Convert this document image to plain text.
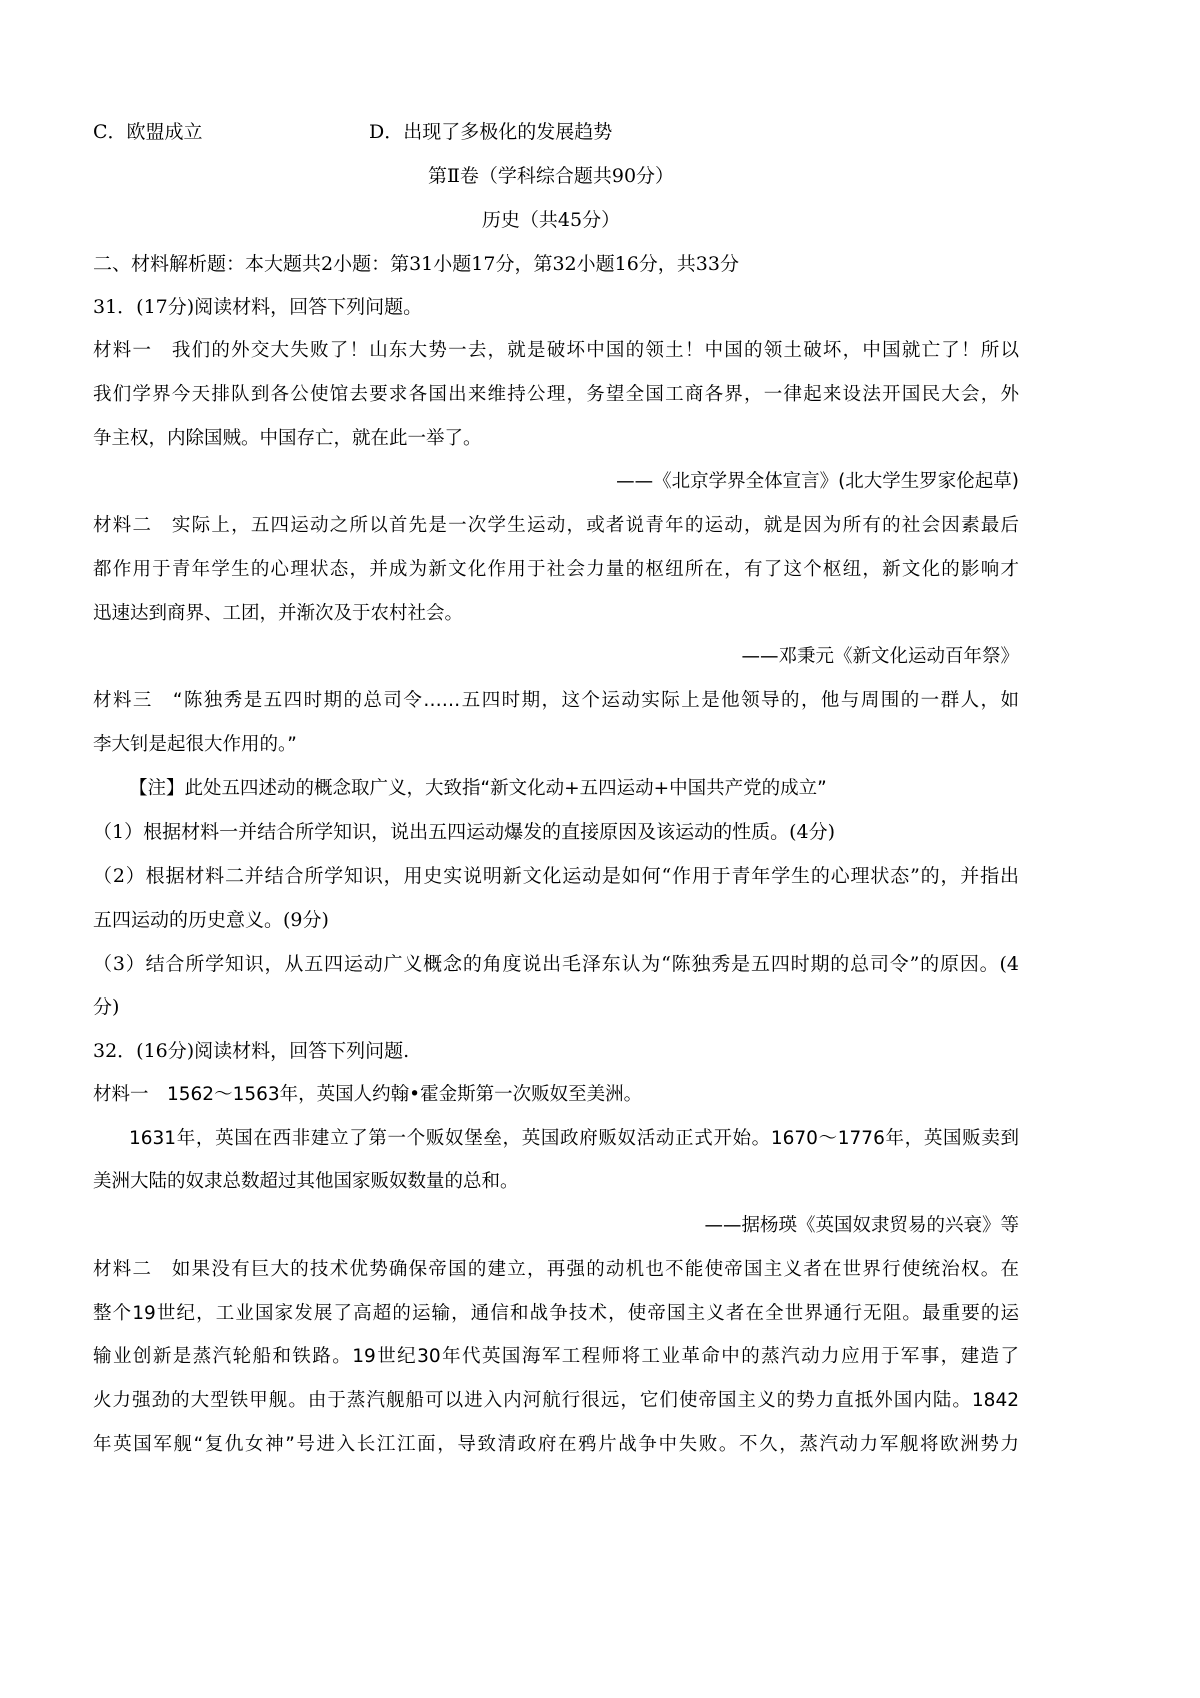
C．欧盟成立	D．出现了多极化的发展趋势
第Ⅱ卷（学科综合题共90分）
历史（共45分）
二、材料解析题：本大题共2小题：第31小题17分，第32小题16分，共33分
31．(17分)阅读材料，回答下列问题。
材料一　我们的外交大失败了！山东大势一去，就是破坏中国的领土！中国的领土破坏，中国就亡了！所以
我们学界今天排队到各公使馆去要求各国出来维持公理，务望全国工商各界，一律起来设法开国民大会，外
争主权，内除国贼。中国存亡，就在此一举了。
——《北京学界全体宣言》(北大学生罗家伦起草)
材料二　实际上，五四运动之所以首先是一次学生运动，或者说青年的运动，就是因为所有的社会因素最后
都作用于青年学生的心理状态，并成为新文化作用于社会力量的枢纽所在，有了这个枢纽，新文化的影响才
迅速达到商界、工团，并渐次及于农村社会。
——邓秉元《新文化运动百年祭》
材料三　“陈独秀是五四时期的总司令……五四时期，这个运动实际上是他领导的，他与周围的一群人，如
李大钊是起很大作用的。”
【注】此处五四述动的概念取广义，大致指“新文化动+五四运动+中国共产党的成立”
（1）根据材料一并结合所学知识，说出五四运动爆发的直接原因及该运动的性质。(4分)
（2）根据材料二并结合所学知识，用史实说明新文化运动是如何“作用于青年学生的心理状态”的，并指出
五四运动的历史意义。(9分)
（3）结合所学知识，从五四运动广义概念的角度说出毛泽东认为“陈独秀是五四时期的总司令”的原因。(4
分)
32．(16分)阅读材料，回答下列问题.
材料一　1562～1563年，英国人约翰•霍金斯第一次贩奴至美洲。
1631年，英国在西非建立了第一个贩奴堡垒，英国政府贩奴活动正式开始。1670～1776年，英国贩卖到
美洲大陆的奴隶总数超过其他国家贩奴数量的总和。
——据杨瑛《英国奴隶贸易的兴衰》等
材料二　如果没有巨大的技术优势确保帝国的建立，再强的动机也不能使帝国主义者在世界行使统治权。在
整个19世纪，工业国家发展了高超的运输，通信和战争技术，使帝国主义者在全世界通行无阻。最重要的运
输业创新是蒸汽轮船和铁路。19世纪30年代英国海军工程师将工业革命中的蒸汽动力应用于军事，建造了
火力强劲的大型铁甲舰。由于蒸汽舰船可以进入内河航行很远，它们使帝国主义的势力直抵外国内陆。1842
年英国军舰“复仇女神”号进入长江江面，导致清政府在鸦片战争中失败。不久，蒸汽动力军舰将欧洲势力
